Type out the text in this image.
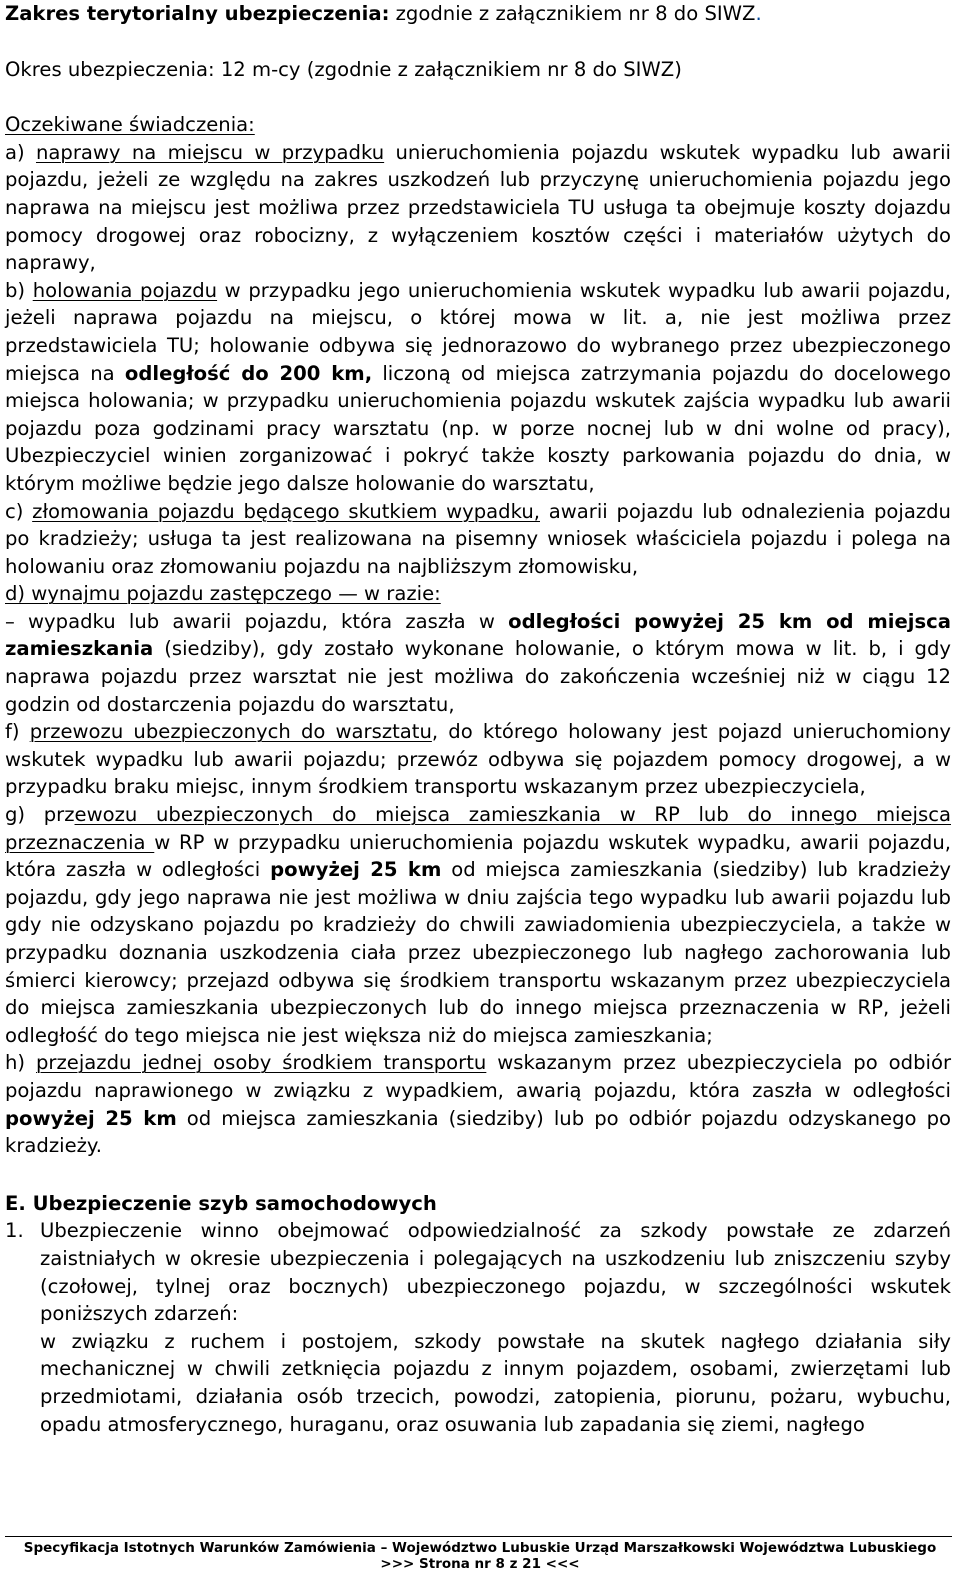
Zakres terytorialny ubezpieczenia: zgodnie z załącznikiem nr 8 do SIWZ.

Okres ubezpieczenia: 12 m-cy (zgodnie z załącznikiem nr 8 do SIWZ)

Oczekiwane świadczenia:

a) naprawy na miejscu w przypadku unieruchomienia pojazdu wskutek wypadku lub awarii pojazdu, jeżeli ze względu na zakres uszkodzeń lub przyczynę unieruchomienia pojazdu jego naprawa na miejscu jest możliwa przez przedstawiciela TU usługa ta obejmuje koszty dojazdu pomocy drogowej oraz robocizny, z wyłączeniem kosztów części i materiałów użytych do naprawy,

b) holowania pojazdu w przypadku jego unieruchomienia wskutek wypadku lub awarii pojazdu, jeżeli naprawa pojazdu na miejscu, o której mowa w lit. a, nie jest możliwa przez przedstawiciela TU; holowanie odbywa się jednorazowo do wybranego przez ubezpieczonego miejsca na odległość do 200 km, liczoną od miejsca zatrzymania pojazdu do docelowego miejsca holowania; w przypadku unieruchomienia pojazdu wskutek zajścia wypadku lub awarii pojazdu poza godzinami pracy warsztatu (np. w porze nocnej lub w dni wolne od pracy), Ubezpieczyciel winien zorganizować i pokryć także koszty parkowania pojazdu do dnia, w którym możliwe będzie jego dalsze holowanie do warsztatu,

c) złomowania pojazdu będącego skutkiem wypadku, awarii pojazdu lub odnalezienia pojazdu po kradzieży; usługa ta jest realizowana na pisemny wniosek właściciela pojazdu i polega na holowaniu oraz złomowaniu pojazdu na najbliższym złomowisku,

d) wynajmu pojazdu zastępczego — w razie:

– wypadku lub awarii pojazdu, która zaszła w odległości powyżej 25 km od miejsca zamieszkania (siedziby), gdy zostało wykonane holowanie, o którym mowa w lit. b, i gdy naprawa pojazdu przez warsztat nie jest możliwa do zakończenia wcześniej niż w ciągu 12 godzin od dostarczenia pojazdu do warsztatu,

f) przewozu ubezpieczonych do warsztatu, do którego holowany jest pojazd unieruchomiony wskutek wypadku lub awarii pojazdu; przewóz odbywa się pojazdem pomocy drogowej, a w przypadku braku miejsc, innym środkiem transportu wskazanym przez ubezpieczyciela,

g) przewozu ubezpieczonych do miejsca zamieszkania w RP lub do innego miejsca przeznaczenia w RP w przypadku unieruchomienia pojazdu wskutek wypadku, awarii pojazdu, która zaszła w odległości powyżej 25 km od miejsca zamieszkania (siedziby) lub kradzieży pojazdu, gdy jego naprawa nie jest możliwa w dniu zajścia tego wypadku lub awarii pojazdu lub gdy nie odzyskano pojazdu po kradzieży do chwili zawiadomienia ubezpieczyciela, a także w przypadku doznania uszkodzenia ciała przez ubezpieczonego lub nagłego zachorowania lub śmierci kierowcy; przejazd odbywa się środkiem transportu wskazanym przez ubezpieczyciela do miejsca zamieszkania ubezpieczonych lub do innego miejsca przeznaczenia w RP, jeżeli odległość do tego miejsca nie jest większa niż do miejsca zamieszkania;

h) przejazdu jednej osoby środkiem transportu wskazanym przez ubezpieczyciela po odbiór pojazdu naprawionego w związku z wypadkiem, awarią pojazdu, która zaszła w odległości powyżej 25 km od miejsca zamieszkania (siedziby) lub po odbiór pojazdu odzyskanego po kradzieży.

E. Ubezpieczenie szyb samochodowych

1. Ubezpieczenie winno obejmować odpowiedzialność za szkody powstałe ze zdarzeń zaistniałych w okresie ubezpieczenia i polegających na uszkodzeniu lub zniszczeniu szyby (czołowej, tylnej oraz bocznych) ubezpieczonego pojazdu, w szczególności wskutek poniższych zdarzeń:

w związku z ruchem i postojem, szkody powstałe na skutek nagłego działania siły mechanicznej w chwili zetknięcia pojazdu z innym pojazdem, osobami, zwierzętami lub przedmiotami, działania osób trzecich, powodzi, zatopienia, piorunu, pożaru, wybuchu, opadu atmosferycznego, huraganu, oraz osuwania lub zapadania się ziemi, nagłego

Specyfikacja Istotnych Warunków Zamówienia – Województwo Lubuskie Urząd Marszałkowski Województwa Lubuskiego
>>> Strona nr 8 z 21 <<<
